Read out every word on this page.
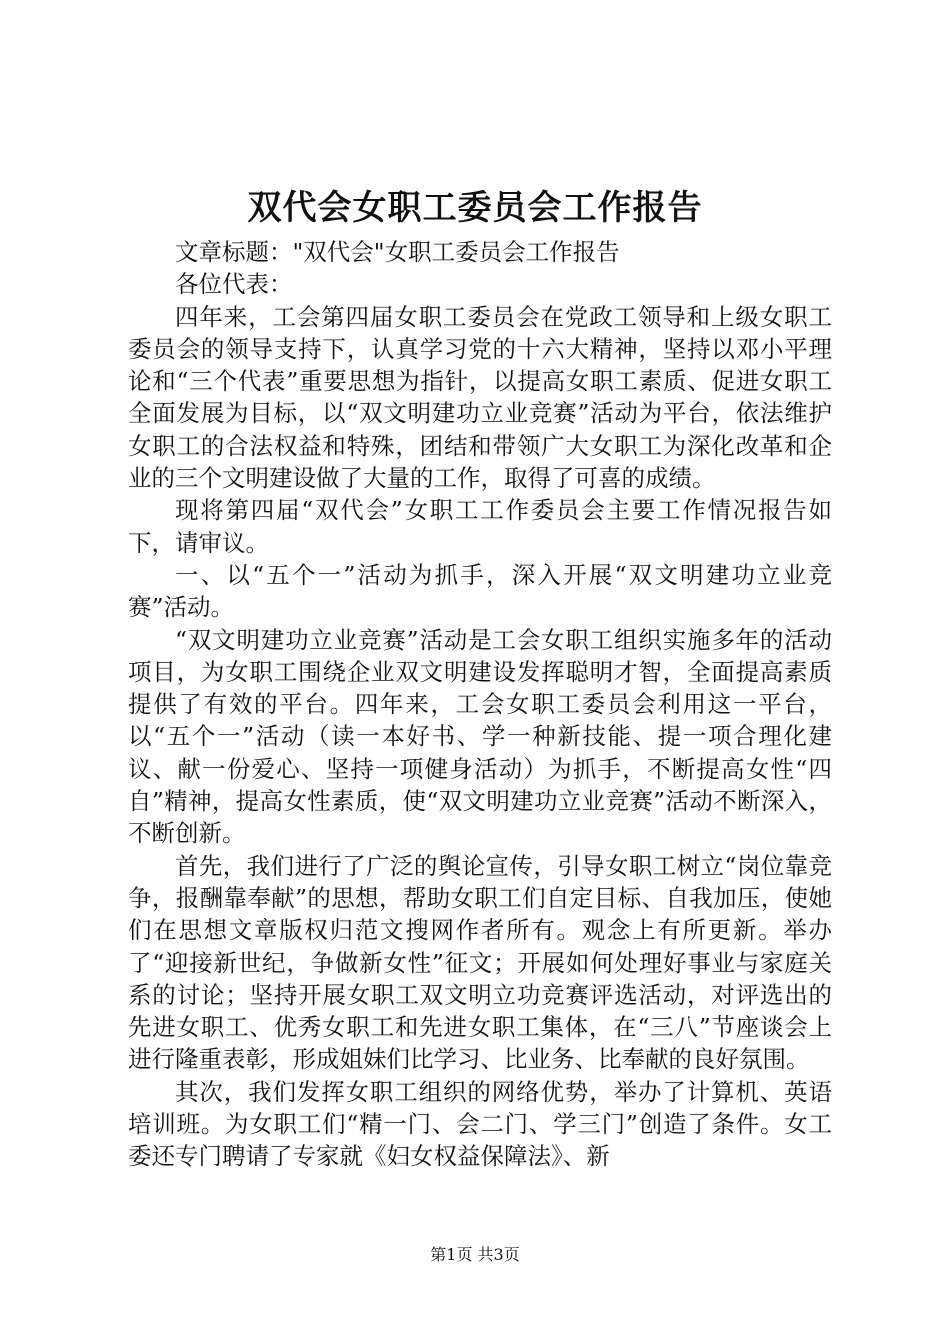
双代会女职工委员会工作报告

文章标题："双代会"女职工委员会工作报告

各位代表：

四年来，工会第四届女职工委员会在党政工领导和上级女职工委员会的领导支持下，认真学习党的十六大精神，坚持以邓小平理论和“三个代表”重要思想为指针，以提高女职工素质、促进女职工全面发展为目标，以“双文明建功立业竞赛”活动为平台，依法维护女职工的合法权益和特殊，团结和带领广大女职工为深化改革和企业的三个文明建设做了大量的工作，取得了可喜的成绩。

现将第四届“双代会”女职工工作委员会主要工作情况报告如下，请审议。

一、以“五个一”活动为抓手，深入开展“双文明建功立业竞赛”活动。

“双文明建功立业竞赛”活动是工会女职工组织实施多年的活动项目，为女职工围绕企业双文明建设发挥聪明才智，全面提高素质提供了有效的平台。四年来，工会女职工委员会利用这一平台，以“五个一”活动（读一本好书、学一种新技能、提一项合理化建议、献一份爱心、坚持一项健身活动）为抓手，不断提高女性“四自”精神，提高女性素质，使“双文明建功立业竞赛”活动不断深入，不断创新。

首先，我们进行了广泛的舆论宣传，引导女职工树立“岗位靠竞争，报酬靠奉献”的思想，帮助女职工们自定目标、自我加压，使她们在思想文章版权归范文搜网作者所有。观念上有所更新。举办了“迎接新世纪，争做新女性”征文；开展如何处理好事业与家庭关系的讨论；坚持开展女职工双文明立功竞赛评选活动，对评选出的先进女职工、优秀女职工和先进女职工集体，在“三八”节座谈会上进行隆重表彰，形成姐妹们比学习、比业务、比奉献的良好氛围。

其次，我们发挥女职工组织的网络优势，举办了计算机、英语培训班。为女职工们“精一门、会二门、学三门”创造了条件。女工委还专门聘请了专家就《妇女权益保障法》、新

第1页 共3页
